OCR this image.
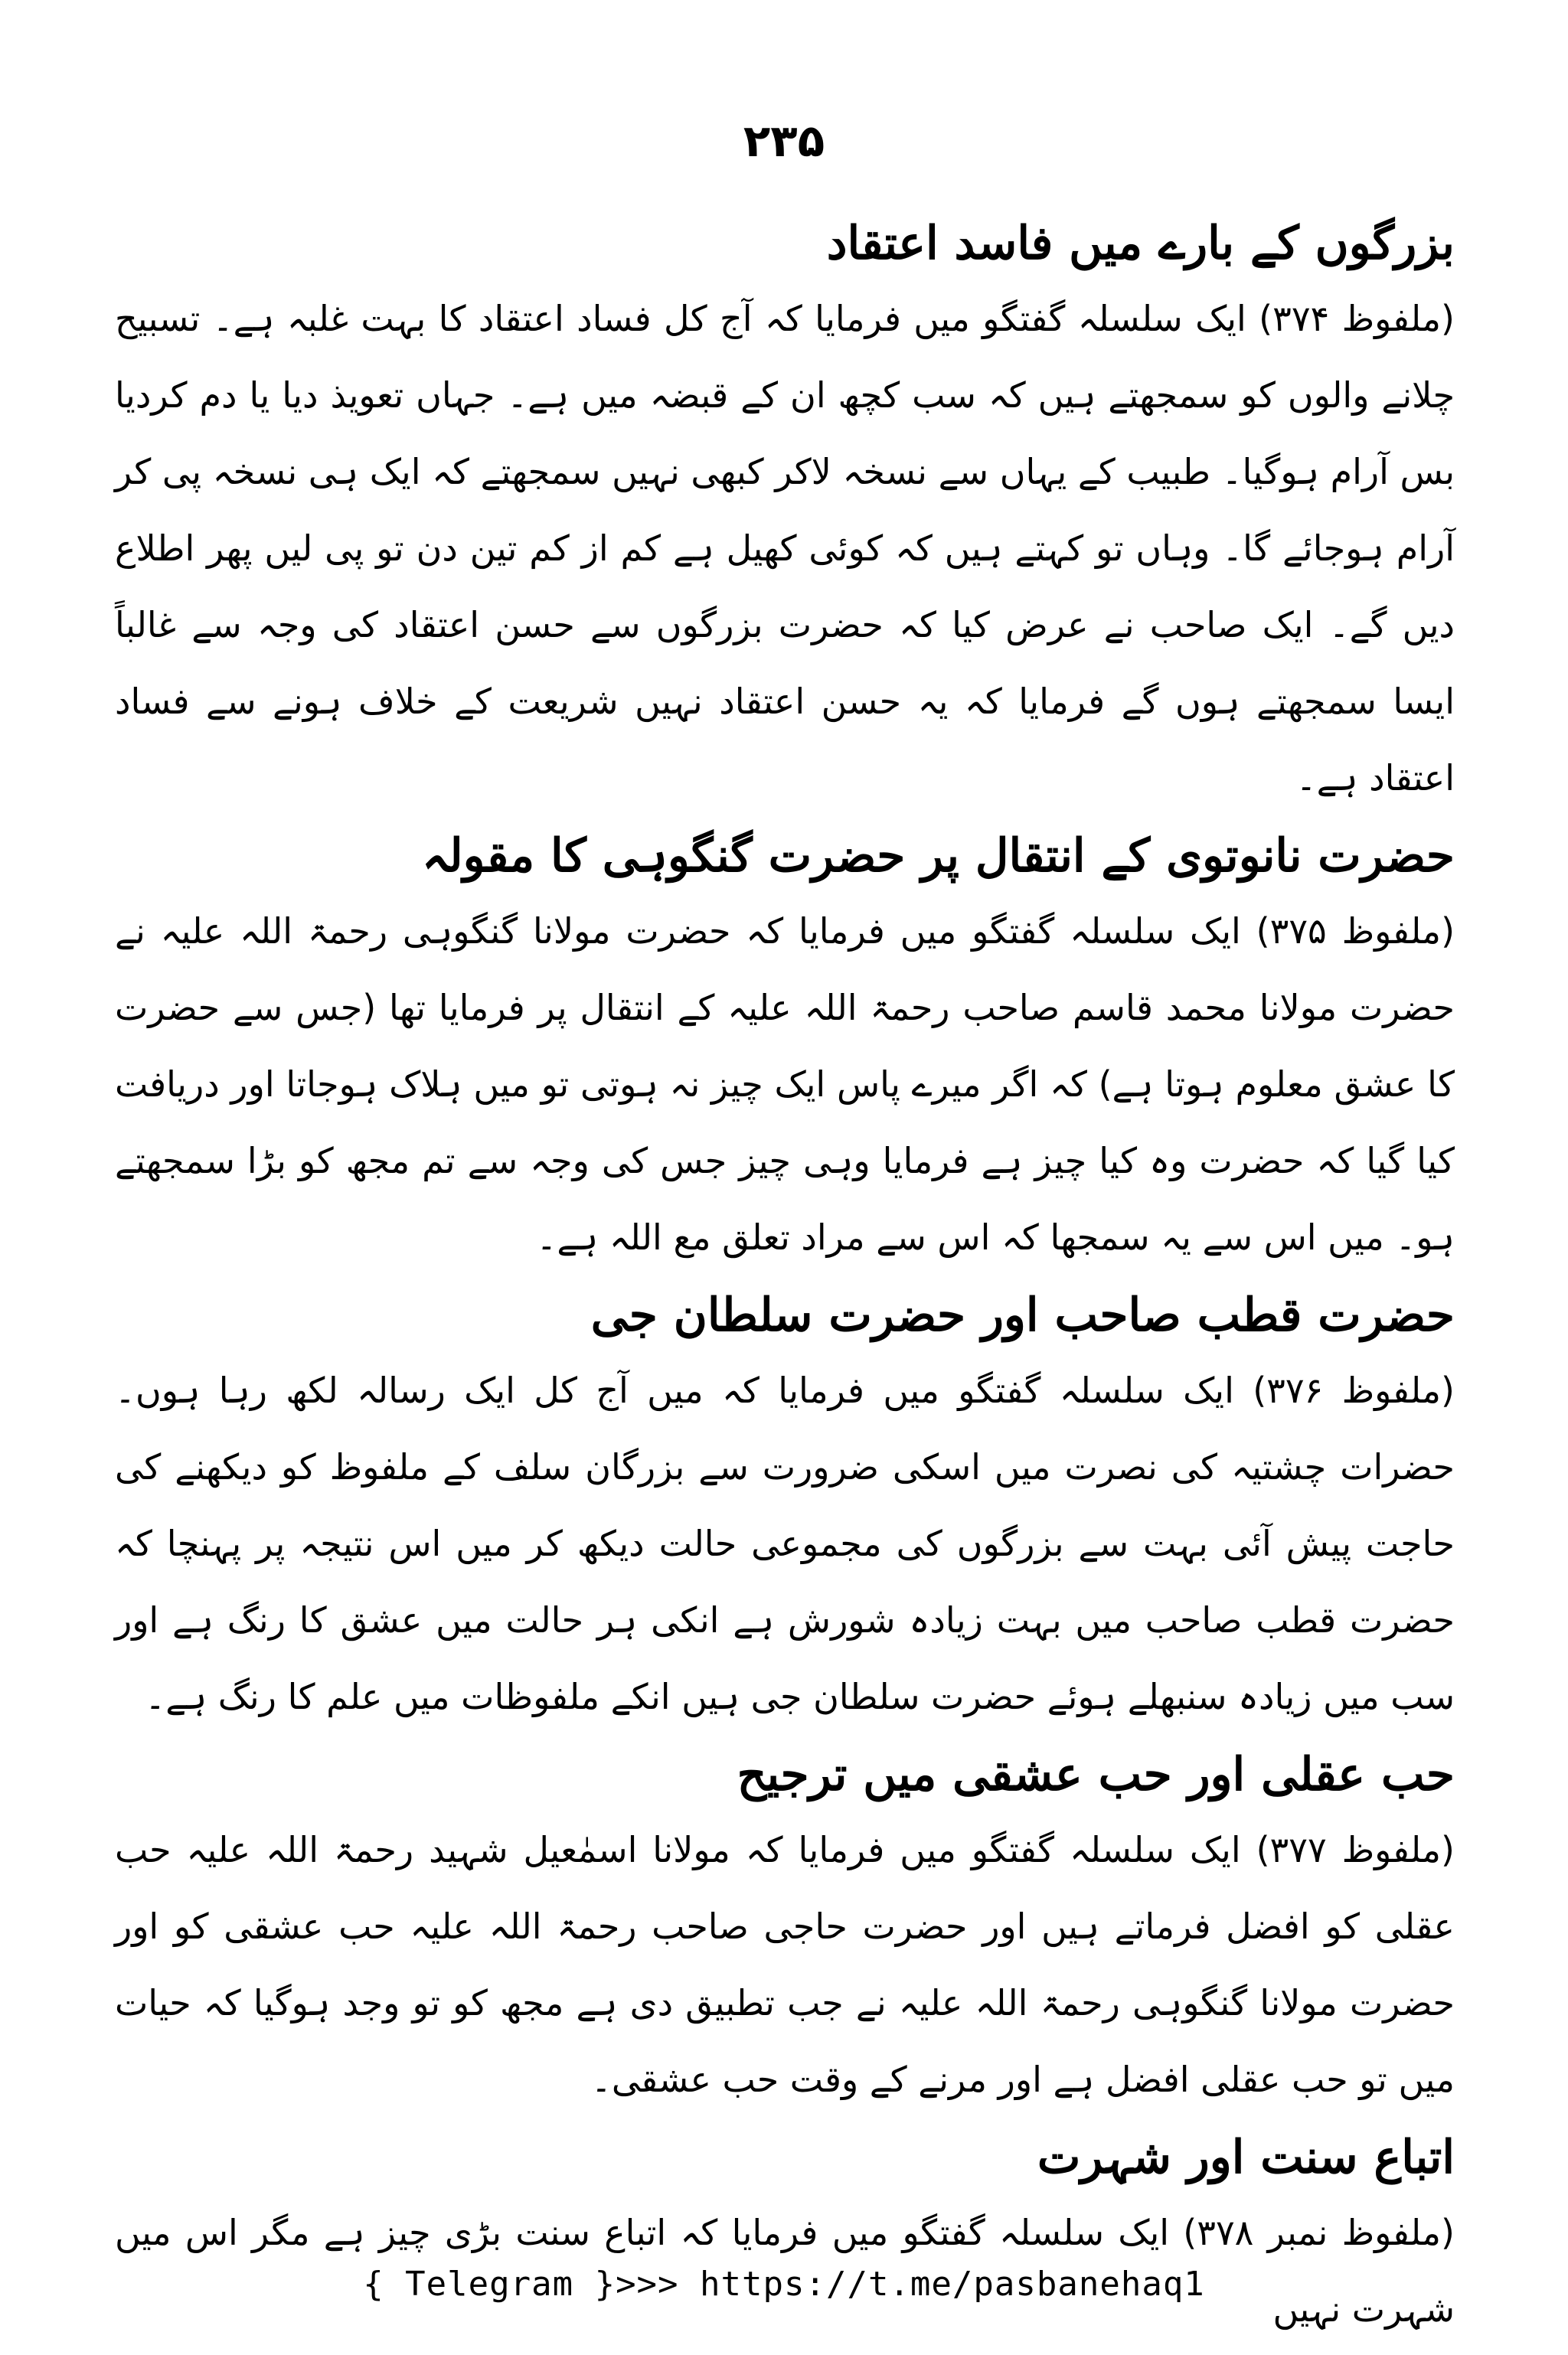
۲۳۵
بزرگوں کے بارے میں فاسد اعتقاد

(ملفوظ ۳۷۴) ایک سلسلہ گفتگو میں فرمایا کہ آج کل فساد اعتقاد کا بہت غلبہ ہے۔ تسبیح چلانے والوں کو سمجھتے ہیں کہ سب کچھ ان کے قبضہ میں ہے۔ جہاں تعویذ دیا یا دم کردیا بس آرام ہوگیا۔ طبیب کے یہاں سے نسخہ لاکر کبھی نہیں سمجھتے کہ ایک ہی نسخہ پی کر آرام ہوجائے گا۔ وہاں تو کہتے ہیں کہ کوئی کھیل ہے کم از کم تین دن تو پی لیں پھر اطلاع دیں گے۔ ایک صاحب نے عرض کیا کہ حضرت بزرگوں سے حسن اعتقاد کی وجہ سے غالباً ایسا سمجھتے ہوں گے فرمایا کہ یہ حسن اعتقاد نہیں شریعت کے خلاف ہونے سے فساد اعتقاد ہے۔

حضرت نانوتوی کے انتقال پر حضرت گنگوہی کا مقولہ

(ملفوظ ۳۷۵) ایک سلسلہ گفتگو میں فرمایا کہ حضرت مولانا گنگوہی رحمۃ اللہ علیہ نے حضرت مولانا محمد قاسم صاحب رحمۃ اللہ علیہ کے انتقال پر فرمایا تھا (جس سے حضرت کا عشق معلوم ہوتا ہے) کہ اگر میرے پاس ایک چیز نہ ہوتی تو میں ہلاک ہوجاتا اور دریافت کیا گیا کہ حضرت وہ کیا چیز ہے فرمایا وہی چیز جس کی وجہ سے تم مجھ کو بڑا سمجھتے ہو۔ میں اس سے یہ سمجھا کہ اس سے مراد تعلق مع اللہ ہے۔

حضرت قطب صاحب اور حضرت سلطان جی

(ملفوظ ۳۷۶) ایک سلسلہ گفتگو میں فرمایا کہ میں آج کل ایک رسالہ لکھ رہا ہوں۔ حضرات چشتیہ کی نصرت میں اسکی ضرورت سے بزرگان سلف کے ملفوظ کو دیکھنے کی حاجت پیش آئی بہت سے بزرگوں کی مجموعی حالت دیکھ کر میں اس نتیجہ پر پہنچا کہ حضرت قطب صاحب میں بہت زیادہ شورش ہے انکی ہر حالت میں عشق کا رنگ ہے اور سب میں زیادہ سنبھلے ہوئے حضرت سلطان جی ہیں انکے ملفوظات میں علم کا رنگ ہے۔

حب عقلی اور حب عشقی میں ترجیح

(ملفوظ ۳۷۷) ایک سلسلہ گفتگو میں فرمایا کہ مولانا اسمٰعیل شہید رحمۃ اللہ علیہ حب عقلی کو افضل فرماتے ہیں اور حضرت حاجی صاحب رحمۃ اللہ علیہ حب عشقی کو اور حضرت مولانا گنگوہی رحمۃ اللہ علیہ نے جب تطبیق دی ہے مجھ کو تو وجد ہوگیا کہ حیات میں تو حب عقلی افضل ہے اور مرنے کے وقت حب عشقی۔

اتباع سنت اور شہرت

(ملفوظ نمبر ۳۷۸) ایک سلسلہ گفتگو میں فرمایا کہ اتباع سنت بڑی چیز ہے مگر اس میں شہرت نہیں

{ Telegram }>>> https://t.me/pasbanehaq1
